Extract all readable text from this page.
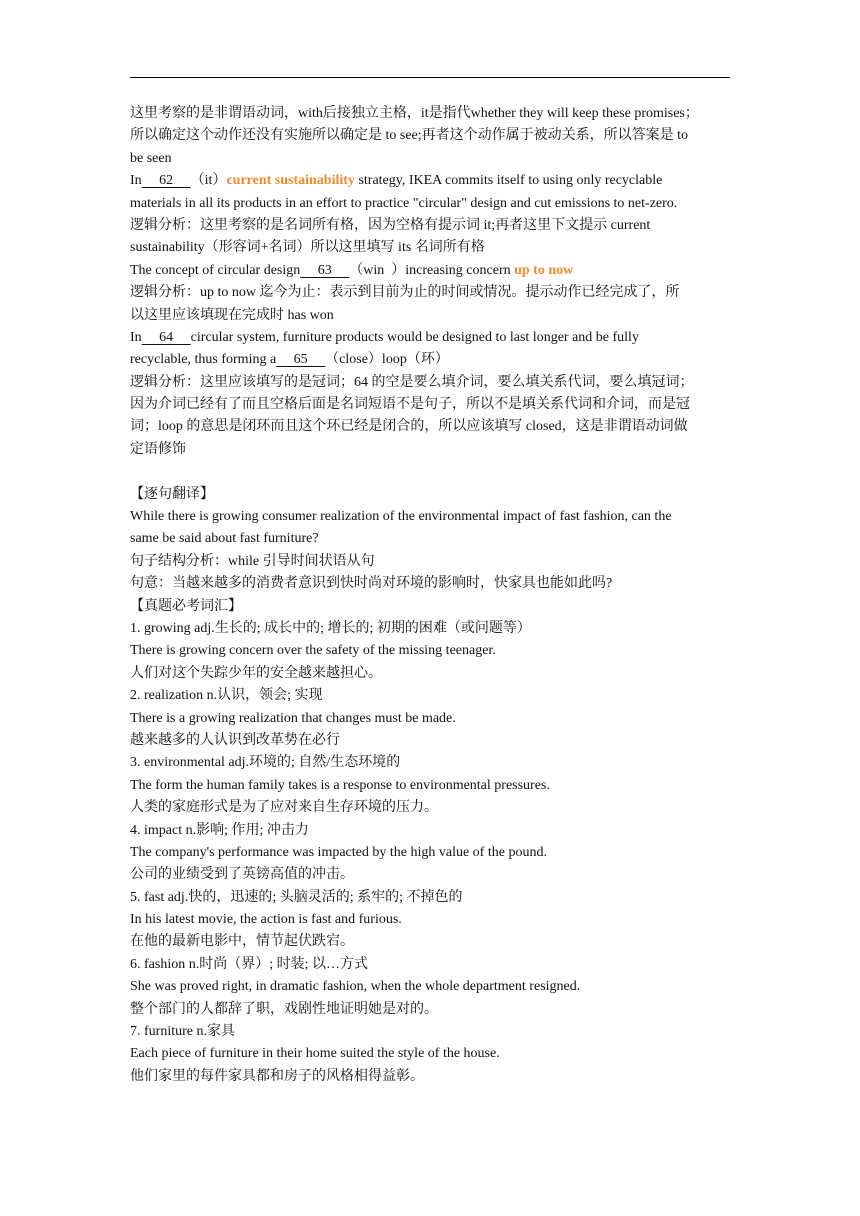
这里考察的是非谓语动词，with后接独立主格，it是指代whether they will keep these promises；
所以确定这个动作还没有实施所以确定是 to see;再者这个动作属于被动关系，所以答案是 to
be seen
In     62     （it）current sustainability strategy, IKEA commits itself to using only recyclable
materials in all its products in an effort to practice "circular" design and cut emissions to net-zero.
逻辑分析：这里考察的是名词所有格，因为空格有提示词 it;再者这里下文提示 current
sustainability（形容词+名词）所以这里填写 its 名词所有格
The concept of circular design     63     （win  ）increasing concern up to now
逻辑分析：up to now 迄今为止：表示到目前为止的时间或情况。提示动作已经完成了，所
以这里应该填现在完成时 has won
In     64     circular system, furniture products would be designed to last longer and be fully
recyclable, thus forming a     65     （close）loop（环）
逻辑分析：这里应该填写的是冠词；64 的空是要么填介词，要么填关系代词，要么填冠词；
因为介词已经有了而且空格后面是名词短语不是句子，所以不是填关系代词和介词，而是冠
词；loop 的意思是闭环而且这个环已经是闭合的，所以应该填写 closed，这是非谓语动词做
定语修饰
【逐句翻译】
While there is growing consumer realization of the environmental impact of fast fashion, can the
same be said about fast furniture?
句子结构分析：while 引导时间状语从句
句意：当越来越多的消费者意识到快时尚对环境的影响时，快家具也能如此吗?
【真题必考词汇】
1. growing adj.生长的; 成长中的; 增长的; 初期的困难（或问题等）
There is growing concern over the safety of the missing teenager.
人们对这个失踪少年的安全越来越担心。
2. realization n.认识，领会; 实现
There is a growing realization that changes must be made.
越来越多的人认识到改革势在必行
3. environmental adj.环境的; 自然/生态环境的
The form the human family takes is a response to environmental pressures.
人类的家庭形式是为了应对来自生存环境的压力。
4. impact n.影响; 作用; 冲击力
The company's performance was impacted by the high value of the pound.
公司的业绩受到了英镑高值的冲击。
5. fast adj.快的，迅速的; 头脑灵活的; 系牢的; 不掉色的
In his latest movie, the action is fast and furious.
在他的最新电影中，情节起伏跌宕。
6. fashion n.时尚（界）; 时装; 以…方式
She was proved right, in dramatic fashion, when the whole department resigned.
整个部门的人都辞了职，戏剧性地证明她是对的。
7. furniture n.家具
Each piece of furniture in their home suited the style of the house.
他们家里的每件家具都和房子的风格相得益彰。
